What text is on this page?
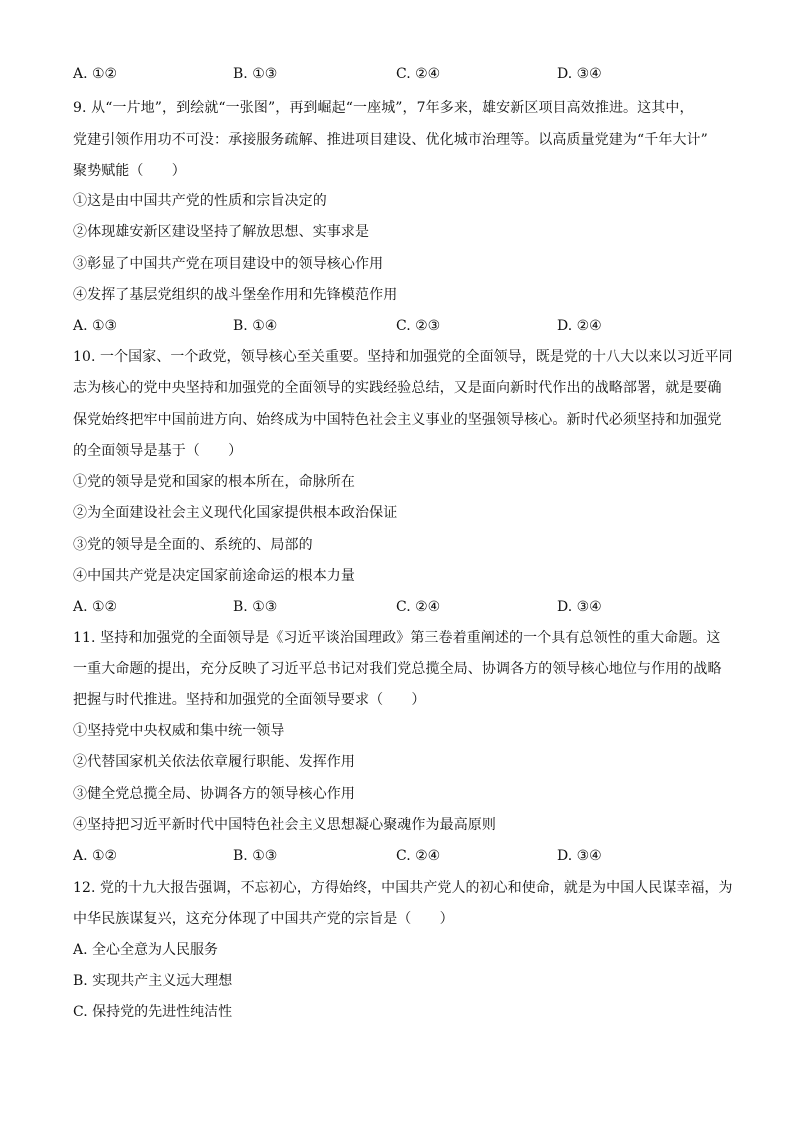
A. ①②	B. ①③	C. ②④	D. ③④
9. 从“一片地”，到绘就“一张图”，再到崛起“一座城”，7年多来，雄安新区项目高效推进。这其中，
党建引领作用功不可没：承接服务疏解、推进项目建设、优化城市治理等。以高质量党建为“千年大计”
聚势赋能（　　）
①这是由中国共产党的性质和宗旨决定的
②体现雄安新区建设坚持了解放思想、实事求是
③彰显了中国共产党在项目建设中的领导核心作用
④发挥了基层党组织的战斗堡垒作用和先锋模范作用
A. ①③	B. ①④	C. ②③	D. ②④
10. 一个国家、一个政党，领导核心至关重要。坚持和加强党的全面领导，既是党的十八大以来以习近平同
志为核心的党中央坚持和加强党的全面领导的实践经验总结，又是面向新时代作出的战略部署，就是要确
保党始终把牢中国前进方向、始终成为中国特色社会主义事业的坚强领导核心。新时代必须坚持和加强党
的全面领导是基于（　　）
①党的领导是党和国家的根本所在，命脉所在
②为全面建设社会主义现代化国家提供根本政治保证
③党的领导是全面的、系统的、局部的
④中国共产党是决定国家前途命运的根本力量
A. ①②	B. ①③	C. ②④	D. ③④
11. 坚持和加强党的全面领导是《习近平谈治国理政》第三卷着重阐述的一个具有总领性的重大命题。这
一重大命题的提出，充分反映了习近平总书记对我们党总揽全局、协调各方的领导核心地位与作用的战略
把握与时代推进。坚持和加强党的全面领导要求（　　）
①坚持党中央权威和集中统一领导
②代替国家机关依法依章履行职能、发挥作用
③健全党总揽全局、协调各方的领导核心作用
④坚持把习近平新时代中国特色社会主义思想凝心聚魂作为最高原则
A. ①②	B. ①③	C. ②④	D. ③④
12. 党的十九大报告强调，不忘初心，方得始终，中国共产党人的初心和使命，就是为中国人民谋幸福，为
中华民族谋复兴，这充分体现了中国共产党的宗旨是（　　）
A. 全心全意为人民服务
B. 实现共产主义远大理想
C. 保持党的先进性纯洁性
